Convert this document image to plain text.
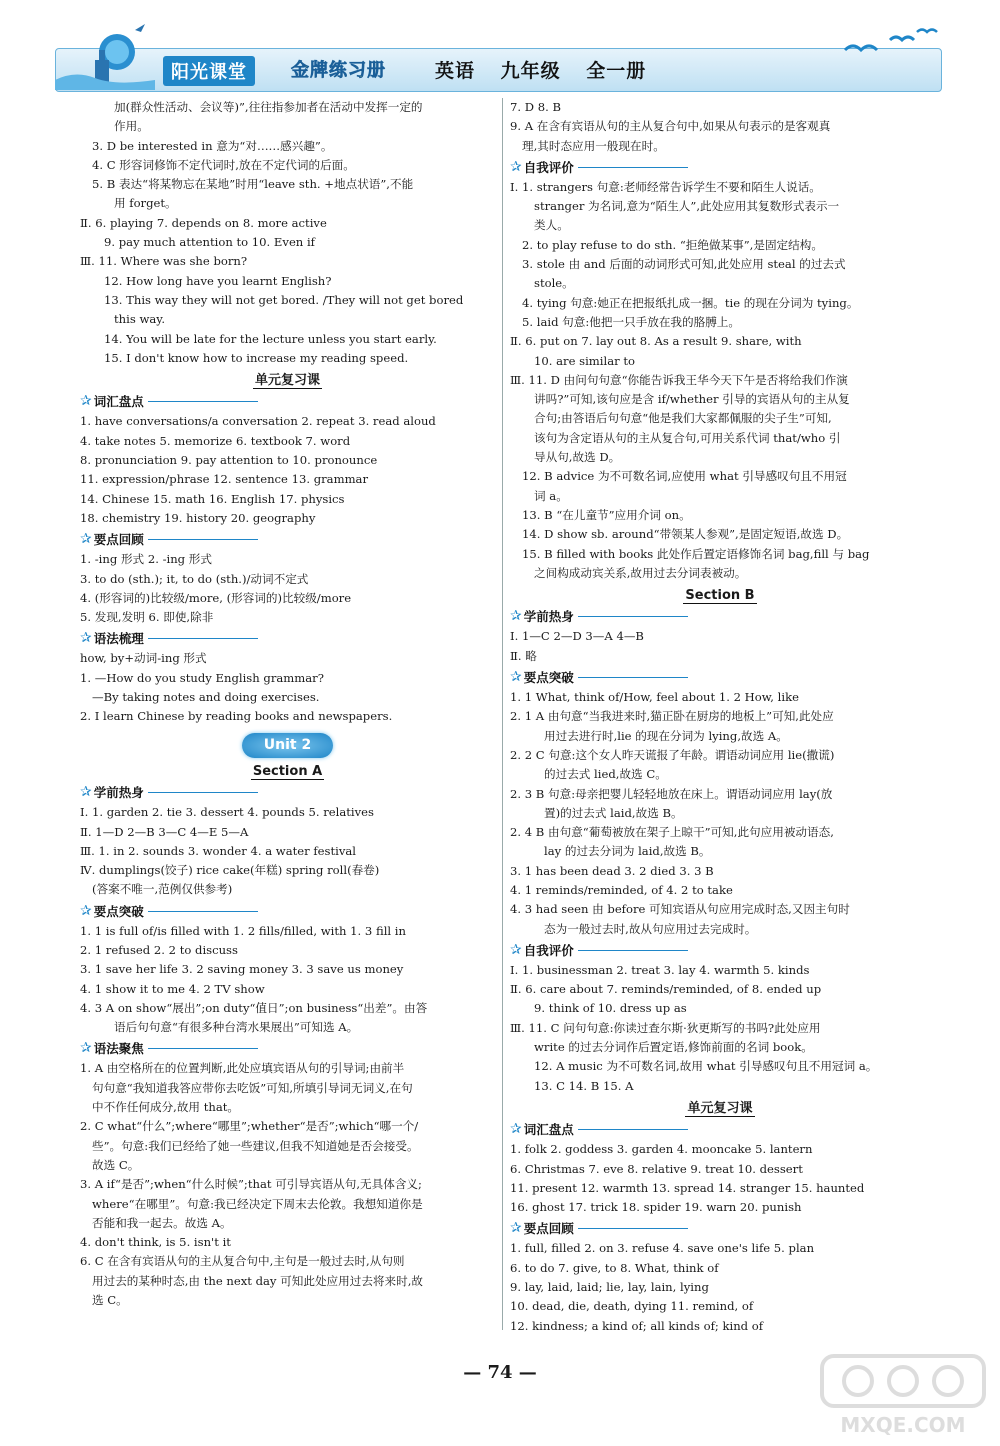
阳光课堂	金牌练习册	英语 九年级 全一册
加(群众性活动、会议等)”,往往指参加者在活动中发挥一定的
作用。
3. D be interested in 意为“对……感兴趣”。
4. C 形容词修饰不定代词时,放在不定代词的后面。
5. B 表达“将某物忘在某地”时用“leave sth. +地点状语”,不能
用 forget。
Ⅱ. 6. playing 7. depends on 8. more active
9. pay much attention to 10. Even if
Ⅲ. 11. Where was she born?
12. How long have you learnt English?
13. This way they will not get bored. /They will not get bored
this way.
14. You will be late for the lecture unless you start early.
15. I don't know how to increase my reading speed.
单元复习课
✰ 词汇盘点
1. have conversations/a conversation 2. repeat 3. read aloud
4. take notes 5. memorize 6. textbook 7. word
8. pronunciation 9. pay attention to 10. pronounce
11. expression/phrase 12. sentence 13. grammar
14. Chinese 15. math 16. English 17. physics
18. chemistry 19. history 20. geography
✰ 要点回顾
1. -ing 形式 2. -ing 形式
3. to do (sth.); it, to do (sth.)/动词不定式
4. (形容词的)比较级/more, (形容词的)比较级/more
5. 发现,发明 6. 即使,除非
✰ 语法梳理
how, by+动词-ing 形式
1. —How do you study English grammar?
—By taking notes and doing exercises.
2. I learn Chinese by reading books and newspapers.
Unit 2
Section A
✰ 学前热身
Ⅰ. 1. garden 2. tie 3. dessert 4. pounds 5. relatives
Ⅱ. 1—D 2—B 3—C 4—E 5—A
Ⅲ. 1. in 2. sounds 3. wonder 4. a water festival
Ⅳ. dumplings(饺子) rice cake(年糕) spring roll(春卷)
(答案不唯一,范例仅供参考)
✰ 要点突破
1. 1 is full of/is filled with 1. 2 fills/filled, with 1. 3 fill in
2. 1 refused 2. 2 to discuss
3. 1 save her life 3. 2 saving money 3. 3 save us money
4. 1 show it to me 4. 2 TV show
4. 3 A on show“展出”;on duty“值日”;on business“出差”。由答
语后句句意“有很多种台湾水果展出”可知选 A。
✰ 语法聚焦
1. A 由空格所在的位置判断,此处应填宾语从句的引导词;由前半
句句意“我知道我答应带你去吃饭”可知,所填引导词无词义,在句
中不作任何成分,故用 that。
2. C what“什么”;where“哪里”;whether“是否”;which“哪一个/
些”。句意:我们已经给了她一些建议,但我不知道她是否会接受。
故选 C。
3. A if“是否”;when“什么时候”;that 可引导宾语从句,无具体含义;
where“在哪里”。句意:我已经决定下周末去伦敦。我想知道你是
否能和我一起去。故选 A。
4. don't think, is 5. isn't it
6. C 在含有宾语从句的主从复合句中,主句是一般过去时,从句则
用过去的某种时态,由 the next day 可知此处应用过去将来时,故
选 C。
7. D 8. B
9. A 在含有宾语从句的主从复合句中,如果从句表示的是客观真
理,其时态应用一般现在时。
✰ 自我评价
Ⅰ. 1. strangers 句意:老师经常告诉学生不要和陌生人说话。
stranger 为名词,意为“陌生人”,此处应用其复数形式表示一
类人。
2. to play refuse to do sth. “拒绝做某事”,是固定结构。
3. stole 由 and 后面的动词形式可知,此处应用 steal 的过去式
stole。
4. tying 句意:她正在把报纸扎成一捆。tie 的现在分词为 tying。
5. laid 句意:他把一只手放在我的胳膊上。
Ⅱ. 6. put on 7. lay out 8. As a result 9. share, with
10. are similar to
Ⅲ. 11. D 由问句句意“你能告诉我王华今天下午是否将给我们作演
讲吗?”可知,该句应是含 if/whether 引导的宾语从句的主从复
合句;由答语后句句意“他是我们大家都佩服的尖子生”可知,
该句为含定语从句的主从复合句,可用关系代词 that/who 引
导从句,故选 D。
12. B advice 为不可数名词,应使用 what 引导感叹句且不用冠
词 a。
13. B “在儿童节”应用介词 on。
14. D show sb. around“带领某人参观”,是固定短语,故选 D。
15. B filled with books 此处作后置定语修饰名词 bag,fill 与 bag
之间构成动宾关系,故用过去分词表被动。
Section B
✰ 学前热身
Ⅰ. 1—C 2—D 3—A 4—B
Ⅱ. 略
✰ 要点突破
1. 1 What, think of/How, feel about 1. 2 How, like
2. 1 A 由句意“当我进来时,猫正卧在厨房的地板上”可知,此处应
用过去进行时,lie 的现在分词为 lying,故选 A。
2. 2 C 句意:这个女人昨天谎报了年龄。谓语动词应用 lie(撒谎)
的过去式 lied,故选 C。
2. 3 B 句意:母亲把婴儿轻轻地放在床上。谓语动词应用 lay(放
置)的过去式 laid,故选 B。
2. 4 B 由句意“葡萄被放在架子上晾干”可知,此句应用被动语态,
lay 的过去分词为 laid,故选 B。
3. 1 has been dead 3. 2 died 3. 3 B
4. 1 reminds/reminded, of 4. 2 to take
4. 3 had seen 由 before 可知宾语从句应用完成时态,又因主句时
态为一般过去时,故从句应用过去完成时。
✰ 自我评价
Ⅰ. 1. businessman 2. treat 3. lay 4. warmth 5. kinds
Ⅱ. 6. care about 7. reminds/reminded, of 8. ended up
9. think of 10. dress up as
Ⅲ. 11. C 问句句意:你读过查尔斯·狄更斯写的书吗?此处应用
write 的过去分词作后置定语,修饰前面的名词 book。
12. A music 为不可数名词,故用 what 引导感叹句且不用冠词 a。
13. C 14. B 15. A
单元复习课
✰ 词汇盘点
1. folk 2. goddess 3. garden 4. mooncake 5. lantern
6. Christmas 7. eve 8. relative 9. treat 10. dessert
11. present 12. warmth 13. spread 14. stranger 15. haunted
16. ghost 17. trick 18. spider 19. warn 20. punish
✰ 要点回顾
1. full, filled 2. on 3. refuse 4. save one's life 5. plan
6. to do 7. give, to 8. What, think of
9. lay, laid, laid; lie, lay, lain, lying
10. dead, die, death, dying 11. remind, of
12. kindness; a kind of; all kinds of; kind of
— 74 —
MXQE.COM
